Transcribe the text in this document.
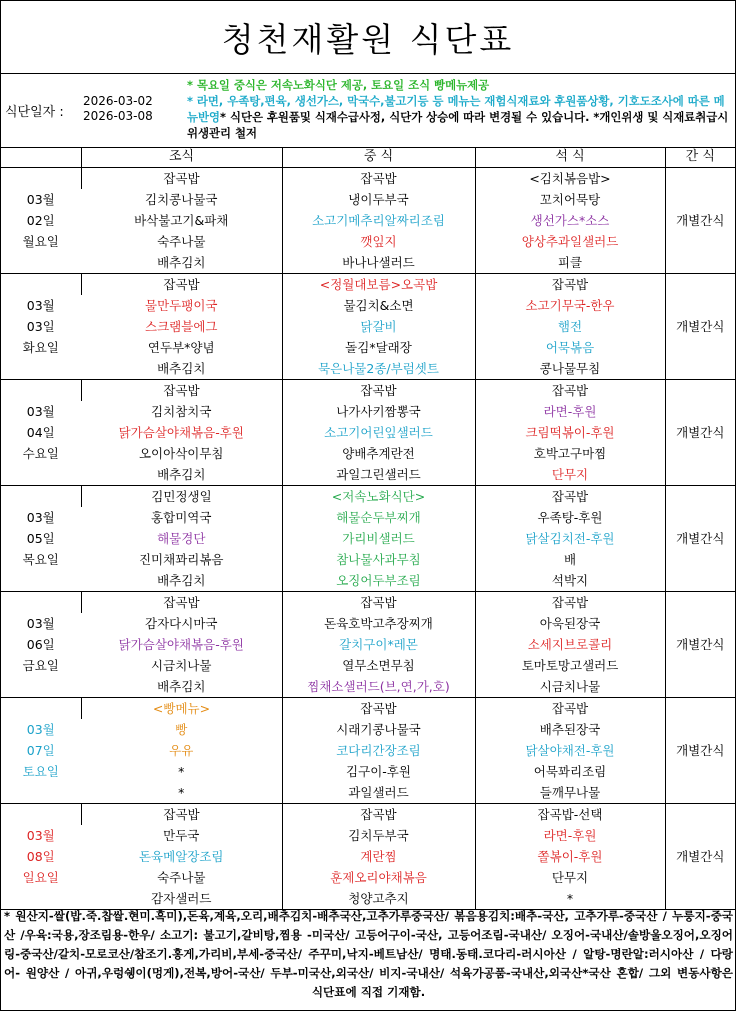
청천재활원 식단표
식단일자 :
2026-03-02
2026-03-08
* 목요일 중식은 저속노화식단 제공, 토요일 조식 빵메뉴제공
* 라면, 우족탕,편육, 생선가스, 막국수,불고기등 등 메뉴는 재험식재료와 후원품상황, 기호도조사에 따른 메뉴반영* 식단은 후원품및 식재수급사정, 식단가 상승에 따라 변경될 수 있습니다. *개인위생 및 식재료취급시 위생관리 철저
	조식	중 식	석 식	간 식

03월
02일
월요일	잡곡밥	잡곡밥	<김치볶음밥>	개별간식
	김치콩나물국	냉이두부국	꼬치어묵탕	
	바삭불고기&파채	소고기메추리알짜리조림	생선가스*소스	
	숙주나물	깻잎지	양상추과일샐러드	
	배추김치	바나나샐러드	피클	

03월
03일
화요일	잡곡밥	<정월대보름>오곡밥	잡곡밥	개별간식
	물만두팽이국	물김치&소면	소고기무국-한우	
	스크램블에그	닭갈비	햄전	
	연두부*양념	돌김*달래장	어묵볶음	
	배추김치	묵은나물2종/부럼셋트	콩나물무침	

03월
04일
수요일	잡곡밥	잡곡밥	잡곡밥	개별간식
	김치참치국	나가사키짬뽕국	라면-후원	
	닭가슴살야채볶음-후원	소고기어린잎샐러드	크림떡볶이-후원	
	오이아삭이무침	양배추계란전	호박고구마찜	
	배추김치	과일그린샐러드	단무지	

03월
05일
목요일	김민정생일	<저속노화식단>	잡곡밥	개별간식
	홍합미역국	해물순두부찌개	우족탕-후원	
	해물경단	가리비샐러드	닭살김치전-후원	
	진미채꽈리볶음	참나물사과무침	배	
	배추김치	오징어두부조림	석박지	

03월
06일
금요일	잡곡밥	잡곡밥	잡곡밥	개별간식
	감자다시마국	돈육호박고추장찌개	아욱된장국	
	닭가슴살야채볶음-후원	갈치구이*레몬	소세지브로콜리	
	시금치나물	열무소면무침	토마토망고샐러드	
	배추김치	찜채소샐러드(브,연,가,호)	시금치나물	

03월
07일
토요일	<빵메뉴>	잡곡밥	잡곡밥	개별간식
	빵	시래기콩나물국	배추된장국	
	우유	코다리간장조림	닭살야채전-후원	
	*	김구이-후원	어묵꽈리조림	
	*	과일샐러드	들깨무나물	

03월
08일
일요일	잡곡밥	잡곡밥	잡곡밥-선택	개별간식
	만두국	김치두부국	라면-후원	
	돈육메알장조림	계란찜	쫄볶이-후원	
	숙주나물	훈제오리야채볶음	단무지	
	감자샐러드	청양고추지	*	
* 원산지-쌀(밥.죽.찹쌀.현미.흑미),돈육,계육,오리,배추김치-배추국산,고추가루중국산/ 볶음용김치:배추-국산, 고추가루-중국산 / 누룽지-중국산 /우육:국용,장조림용-한우/ 소고기: 불고기,갈비탕,찜용 -미국산/ 고등어구이-국산, 고등어조림-국내산/ 오징어-국내산/솔방울오징어,오징어링-중국산/갈치-모로코산/참조기.홍게,가리비,부세-중국산/ 주꾸미,낙지-베트남산/ 명태.동태.코다리-러시아산 / 알탕-명란알:러시아산 / 다랑어- 원양산 / 아귀,우렁쉥이(멍게),전복,방어-국산/ 두부-미국산,외국산/ 비지-국내산/ 석육가공품-국내산,외국산*국산 혼합/ 그외 변동사항은 식단표에 직접 기재함.
